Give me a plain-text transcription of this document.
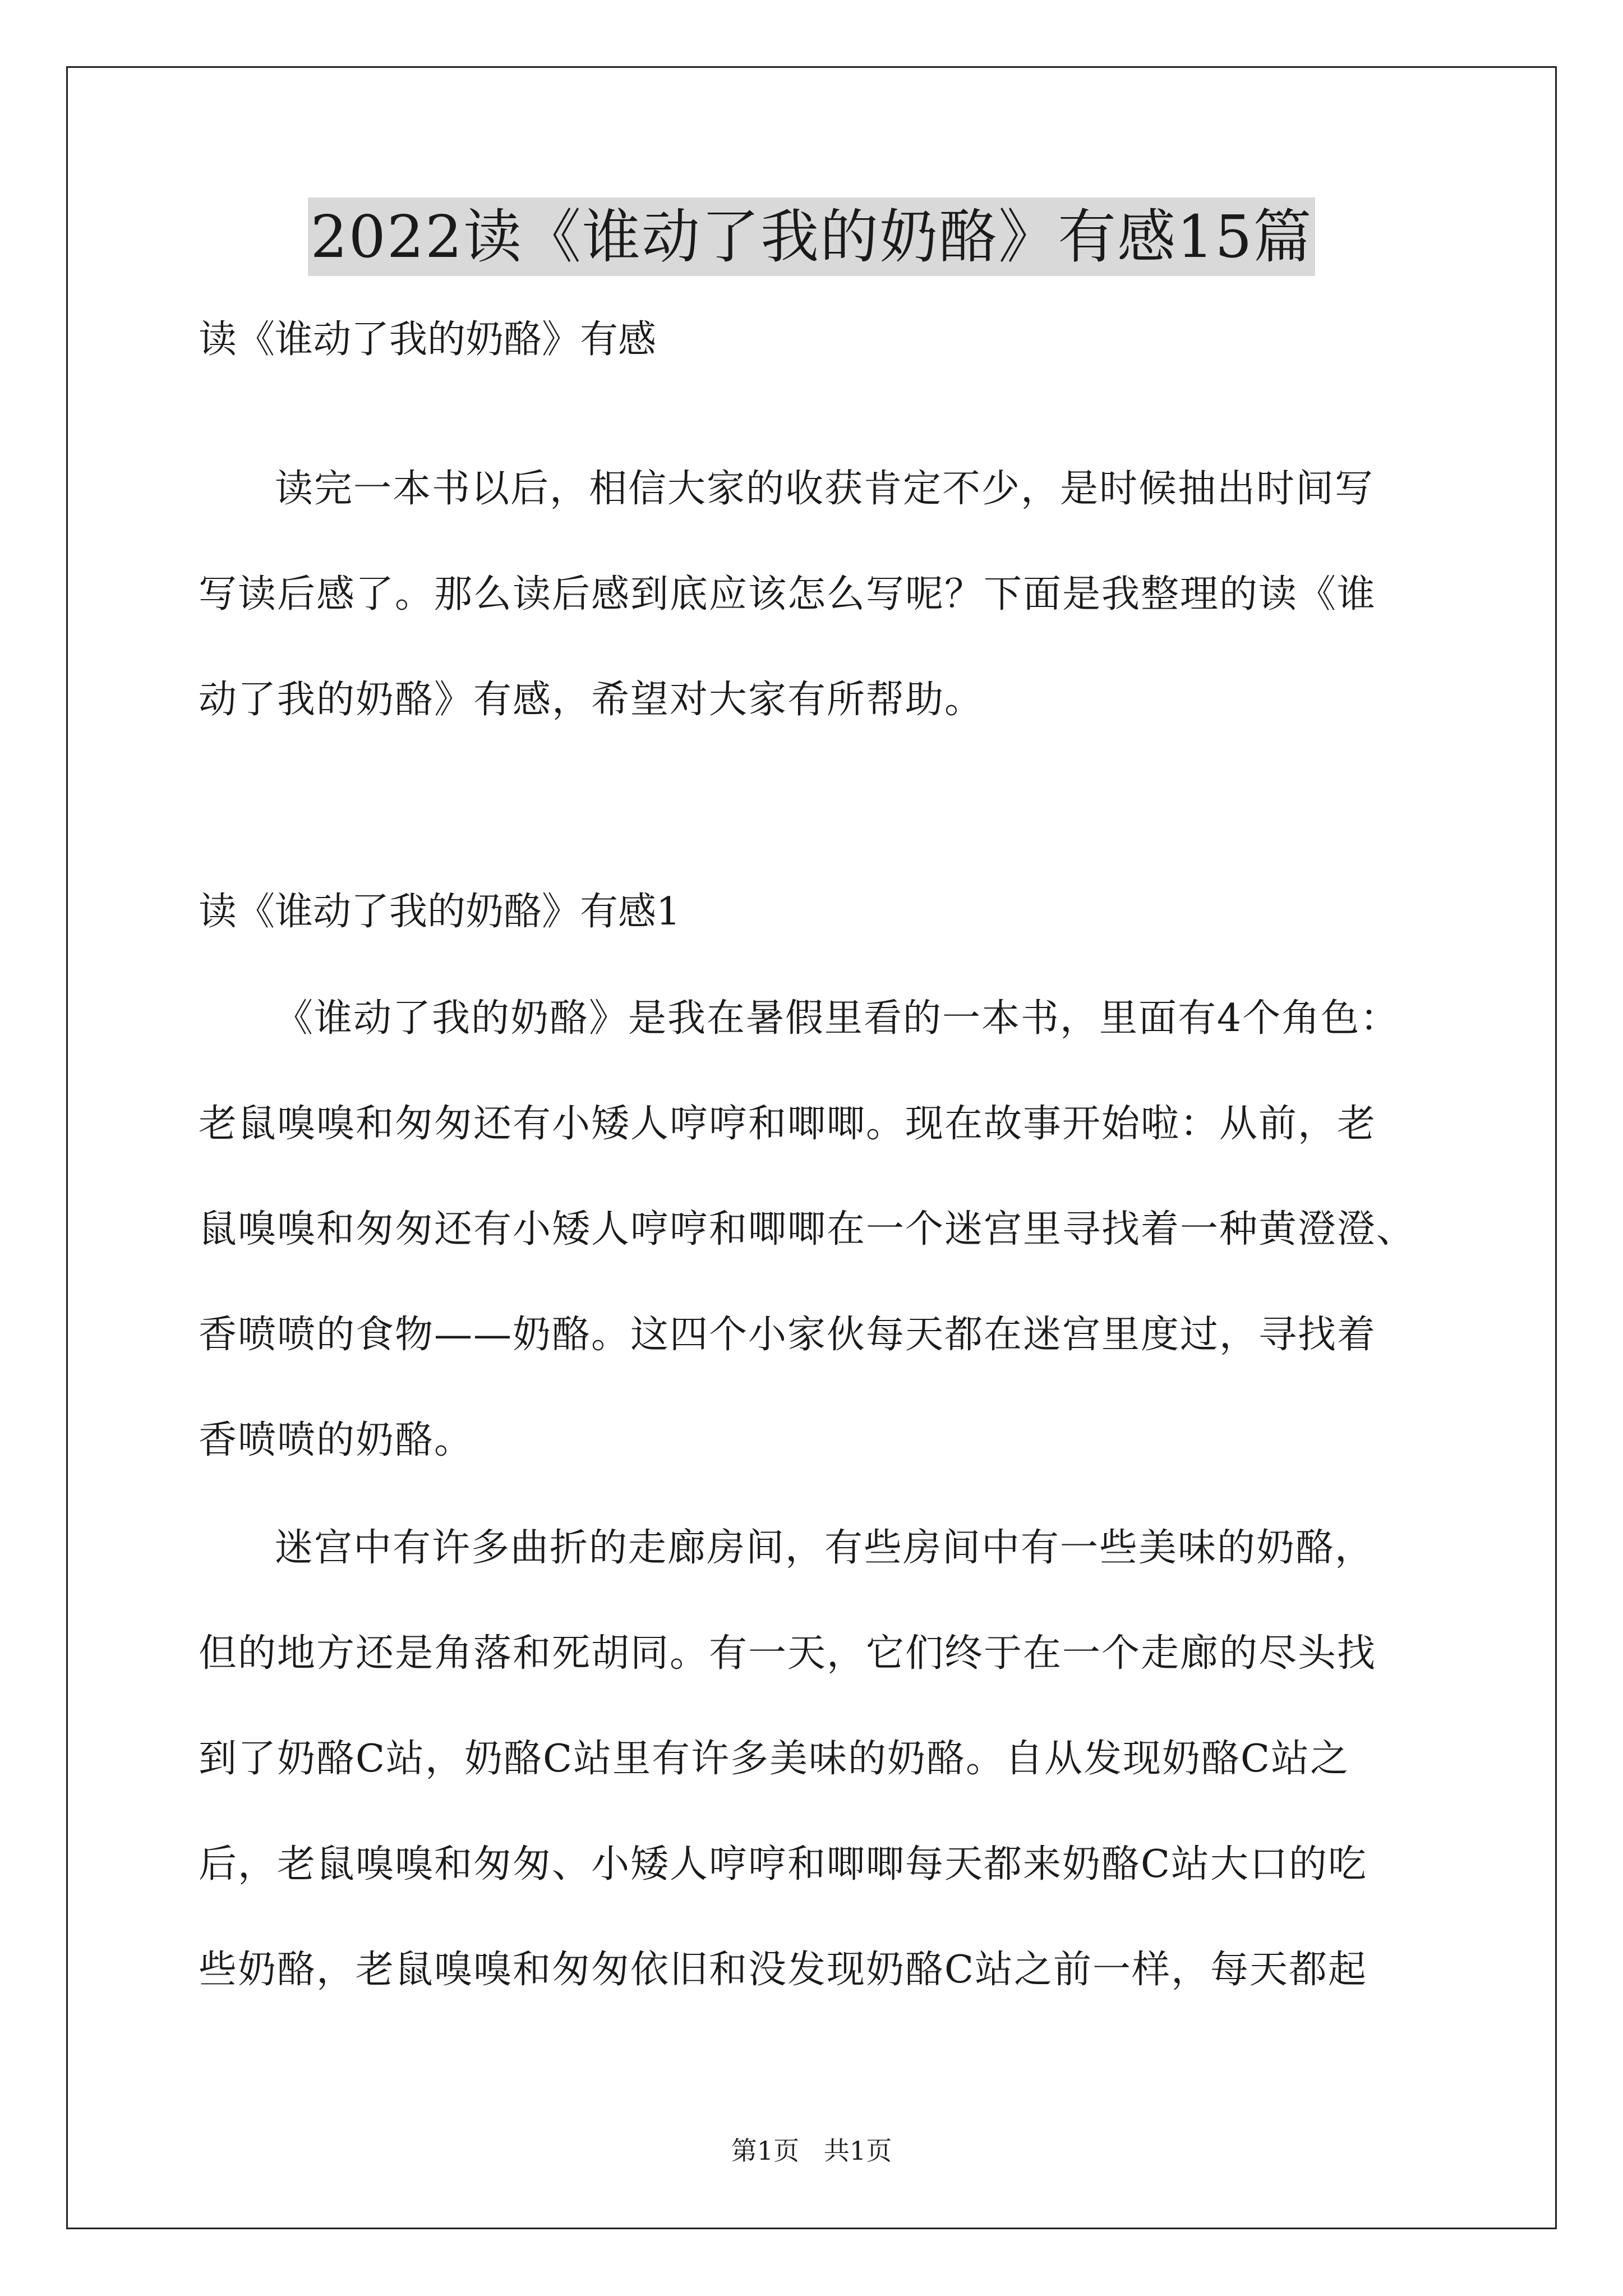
2022读《谁动了我的奶酪》有感15篇
读《谁动了我的奶酪》有感
读完一本书以后，相信大家的收获肯定不少，是时候抽出时间写
写读后感了。那么读后感到底应该怎么写呢？下面是我整理的读《谁
动了我的奶酪》有感，希望对大家有所帮助。
读《谁动了我的奶酪》有感1
《谁动了我的奶酪》是我在暑假里看的一本书，里面有4个角色：
老鼠嗅嗅和匆匆还有小矮人哼哼和唧唧。现在故事开始啦：从前，老
鼠嗅嗅和匆匆还有小矮人哼哼和唧唧在一个迷宫里寻找着一种黄澄澄、
香喷喷的食物——奶酪。这四个小家伙每天都在迷宫里度过，寻找着
香喷喷的奶酪。
迷宫中有许多曲折的走廊房间，有些房间中有一些美味的奶酪，
但的地方还是角落和死胡同。有一天，它们终于在一个走廊的尽头找
到了奶酪C站，奶酪C站里有许多美味的奶酪。自从发现奶酪C站之
后，老鼠嗅嗅和匆匆、小矮人哼哼和唧唧每天都来奶酪C站大口的吃
些奶酪，老鼠嗅嗅和匆匆依旧和没发现奶酪C站之前一样，每天都起
第1页   共1页
